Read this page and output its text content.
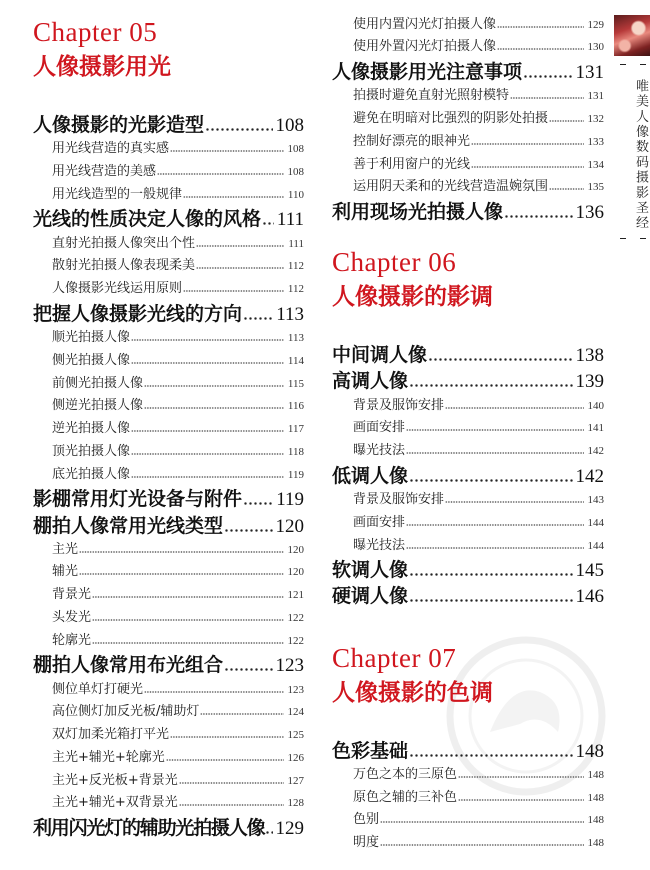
Chapter 05
人像摄影用光
人像摄影的光影造型	108
用光线营造的真实感	108
用光线营造的美感	108
用光线造型的一般规律	110
光线的性质决定人像的风格 111
直射光拍摄人像突出个性	111
散射光拍摄人像表现柔美	112
人像摄影光线运用原则	112
把握人像摄影光线的方向 113
顺光拍摄人像	113
侧光拍摄人像	114
前侧光拍摄人像	115
侧逆光拍摄人像	116
逆光拍摄人像	117
顶光拍摄人像	118
底光拍摄人像	119
影棚常用灯光设备与附件 119
棚拍人像常用光线类型	120
主光	120
辅光	120
背景光	121
头发光	122
轮廓光	122
棚拍人像常用布光组合	123
侧位单灯打硬光	123
高位侧灯加反光板/辅助灯	124
双灯加柔光箱打平光	125
主光+辅光+轮廓光	126
主光+反光板+背景光	127
主光+辅光+双背景光	128
利用闪光灯的辅助光拍摄人像 129
使用内置闪光灯拍摄人像	129
使用外置闪光灯拍摄人像	130
人像摄影用光注意事项	131
拍摄时避免直射光照射模特	131
避免在明暗对比强烈的阴影处拍摄	132
控制好漂亮的眼神光	133
善于利用窗户的光线	134
运用阴天柔和的光线营造温婉氛围	135
利用现场光拍摄人像	136
Chapter 06
人像摄影的影调
中间调人像	138
高调人像	139
背景及服饰安排	140
画面安排	141
曝光技法	142
低调人像	142
背景及服饰安排	143
画面安排	144
曝光技法	144
软调人像	145
硬调人像	146
Chapter 07
人像摄影的色调
色彩基础	148
万色之本的三原色	148
原色之辅的三补色	148
色别	148
明度	148
唯美人像数码摄影圣经
